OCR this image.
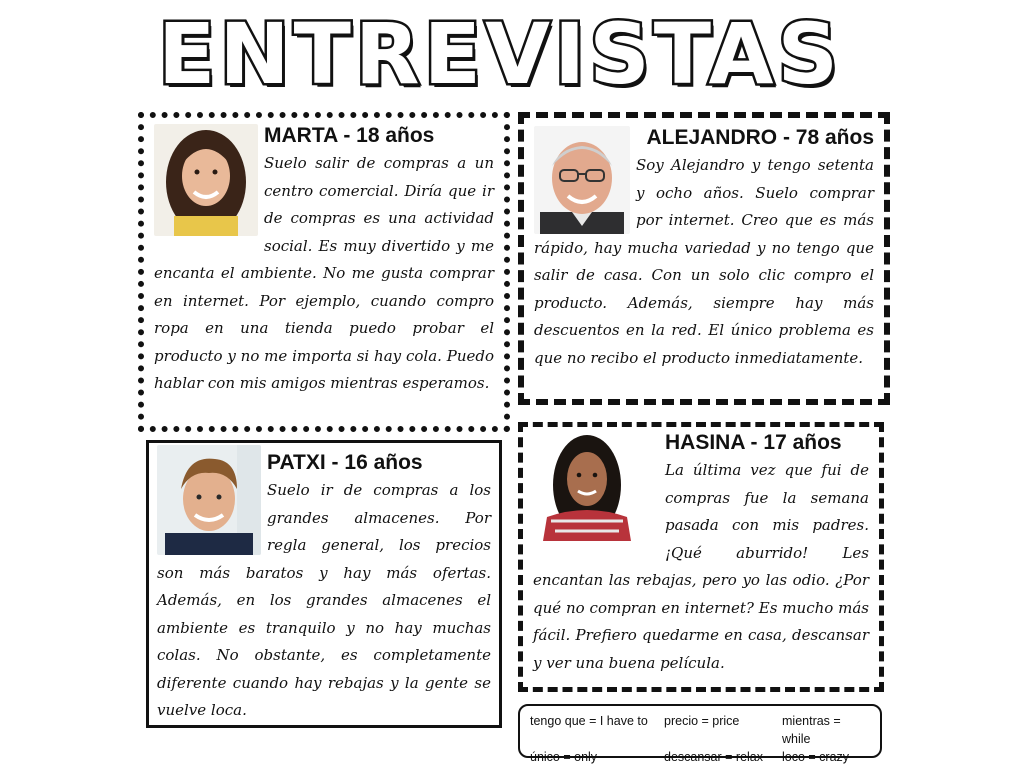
ENTREVISTAS

MARTA - 18 años

Suelo salir de compras a un centro comercial. Diría que ir de compras es una actividad social. Es muy divertido y me encanta el ambiente. No me gusta comprar en internet. Por ejemplo, cuando compro ropa en una tienda puedo probar el producto y no me importa si hay cola. Puedo hablar con mis amigos mientras esperamos.

ALEJANDRO - 78 años

Soy Alejandro y tengo setenta y ocho años. Suelo comprar por internet. Creo que es más rápido, hay mucha variedad y no tengo que salir de casa. Con un solo clic compro el producto. Además, siempre hay más descuentos en la red. El único problema es que no recibo el producto inmediatamente.

PATXI - 16 años

Suelo ir de compras a los grandes almacenes. Por regla general, los precios son más baratos y hay más ofertas. Además, en los grandes almacenes el ambiente es tranquilo y no hay muchas colas. No obstante, es completamente diferente cuando hay rebajas y la gente se vuelve loca.

HASINA - 17 años

La última vez que fui de compras fue la semana pasada con mis padres. ¡Qué aburrido! Les encantan las rebajas, pero yo las odio. ¿Por qué no compran en internet? Es mucho más fácil. Prefiero quedarme en casa, descansar y ver una buena película.

tengo que = I have to	precio = price	mientras = while
único = only	descansar = relax	loco = crazy
